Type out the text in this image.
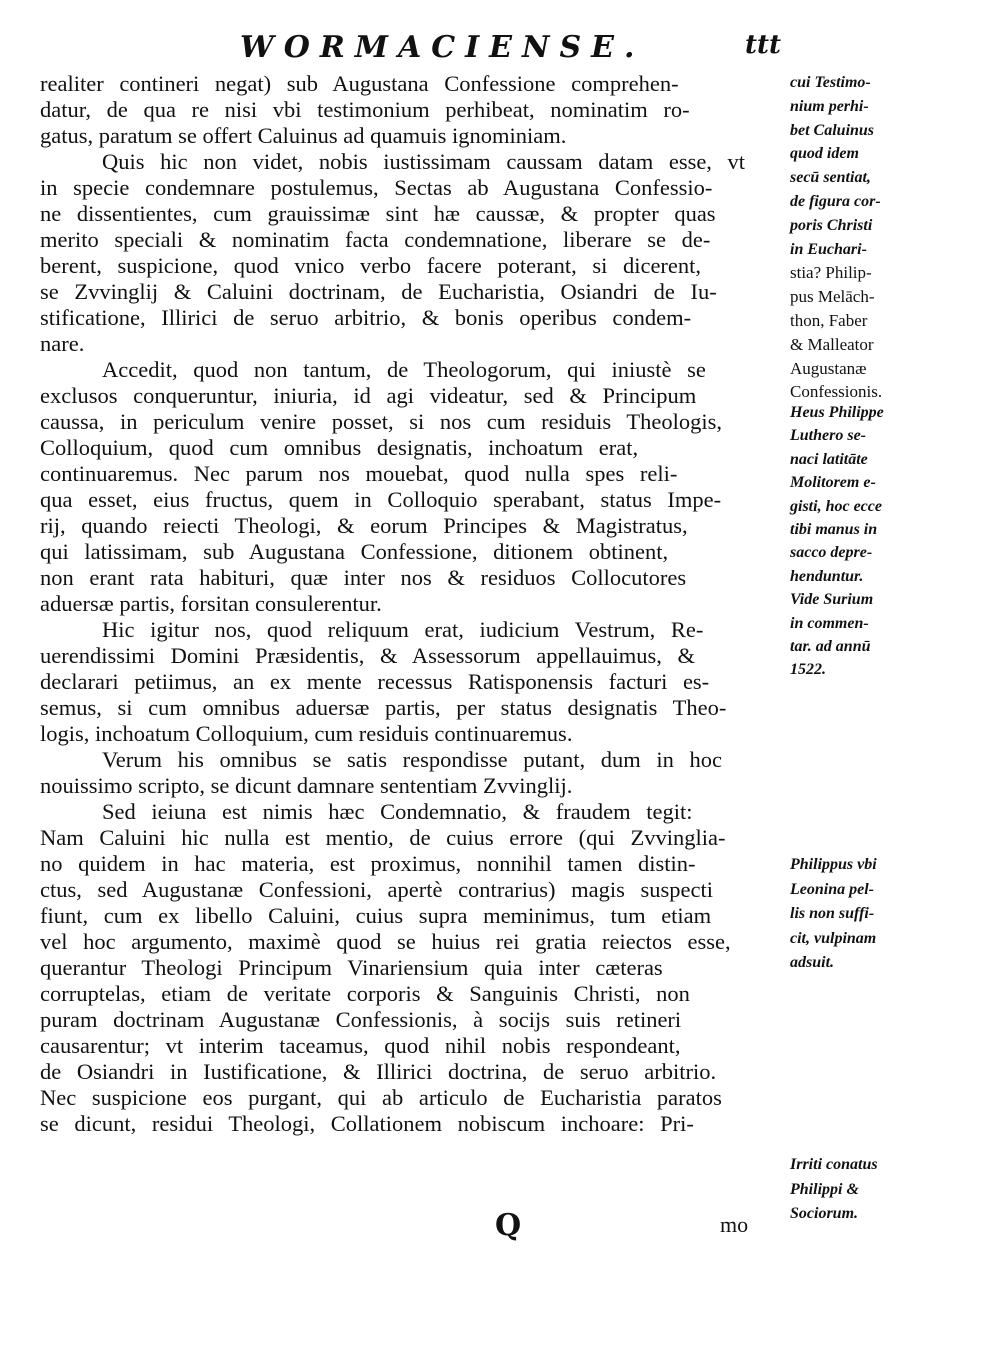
WORMACIENSE.	ttt
realiter contineri negat) sub Augustana Confessione comprehen-
datur, de qua re nisi vbi testimonium perhibeat, nominatim ro-
gatus, paratum se offert Caluinus ad quamuis ignominiam.
Quis hic non videt, nobis iustissimam caussam datam esse, vt
in specie condemnare postulemus, Sectas ab Augustana Confessio-
ne dissentientes, cum grauissimæ sint hæ caussæ, & propter quas
merito speciali & nominatim facta condemnatione, liberare se de-
berent, suspicione, quod vnico verbo facere poterant, si dicerent,
se Zvvinglij & Caluini doctrinam, de Eucharistia, Osiandri de Iu-
stificatione, Illirici de seruo arbitrio, & bonis operibus condem-
nare.
Accedit, quod non tantum, de Theologorum, qui iniustè se
exclusos conqueruntur, iniuria, id agi videatur, sed & Principum
caussa, in periculum venire posset, si nos cum residuis Theologis,
Colloquium, quod cum omnibus designatis, inchoatum erat,
continuaremus. Nec parum nos mouebat, quod nulla spes reli-
qua esset, eius fructus, quem in Colloquio sperabant, status Impe-
rij, quando reiecti Theologi, & eorum Principes & Magistratus,
qui latissimam, sub Augustana Confessione, ditionem obtinent,
non erant rata habituri, quæ inter nos & residuos Collocutores
aduersæ partis, forsitan consulerentur.
Hic igitur nos, quod reliquum erat, iudicium Vestrum, Re-
uerendissimi Domini Præsidentis, & Assessorum appellauimus, &
declarari petiimus, an ex mente recessus Ratisponensis facturi es-
semus, si cum omnibus aduersæ partis, per status designatis Theo-
logis, inchoatum Colloquium, cum residuis continuaremus.
Verum his omnibus se satis respondisse putant, dum in hoc
nouissimo scripto, se dicunt damnare sententiam Zvvinglij.
Sed ieiuna est nimis hæc Condemnatio, & fraudem tegit:
Nam Caluini hic nulla est mentio, de cuius errore (qui Zvvinglia-
no quidem in hac materia, est proximus, nonnihil tamen distin-
ctus, sed Augustanæ Confessioni, apertè contrarius) magis suspecti
fiunt, cum ex libello Caluini, cuius supra meminimus, tum etiam
vel hoc argumento, maximè quod se huius rei gratia reiectos esse,
querantur Theologi Principum Vinariensium quia inter cæteras
corruptelas, etiam de veritate corporis & Sanguinis Christi, non
puram doctrinam Augustanæ Confessionis, à socijs suis retineri
causarentur; vt interim taceamus, quod nihil nobis respondeant,
de Osiandri in Iustificatione, & Illirici doctrina, de seruo arbitrio.
Nec suspicione eos purgant, qui ab articulo de Eucharistia paratos
se dicunt, residui Theologi, Collationem nobiscum inchoare: Pri-
cui Testimo-
nium perhi-
bet Caluinus
quod idem
secū sentiat,
de figura cor-
poris Christi
in Euchari-
stia? Philip-
pus Melāch-
thon, Faber
& Malleator
Augustanæ
Confessionis.
Heus Philippe
Luthero se-
naci latitāte
Molitorem e-
gisti, hoc ecce
tibi manus in
sacco depre-
henduntur.
Vide Surium
in commen-
tar. ad annū
1522.
Philippus vbi
Leonina pel-
lis non suffi-
cit, vulpinam
adsuit.
Irriti conatus
Philippi &
Sociorum.
Q	mo
